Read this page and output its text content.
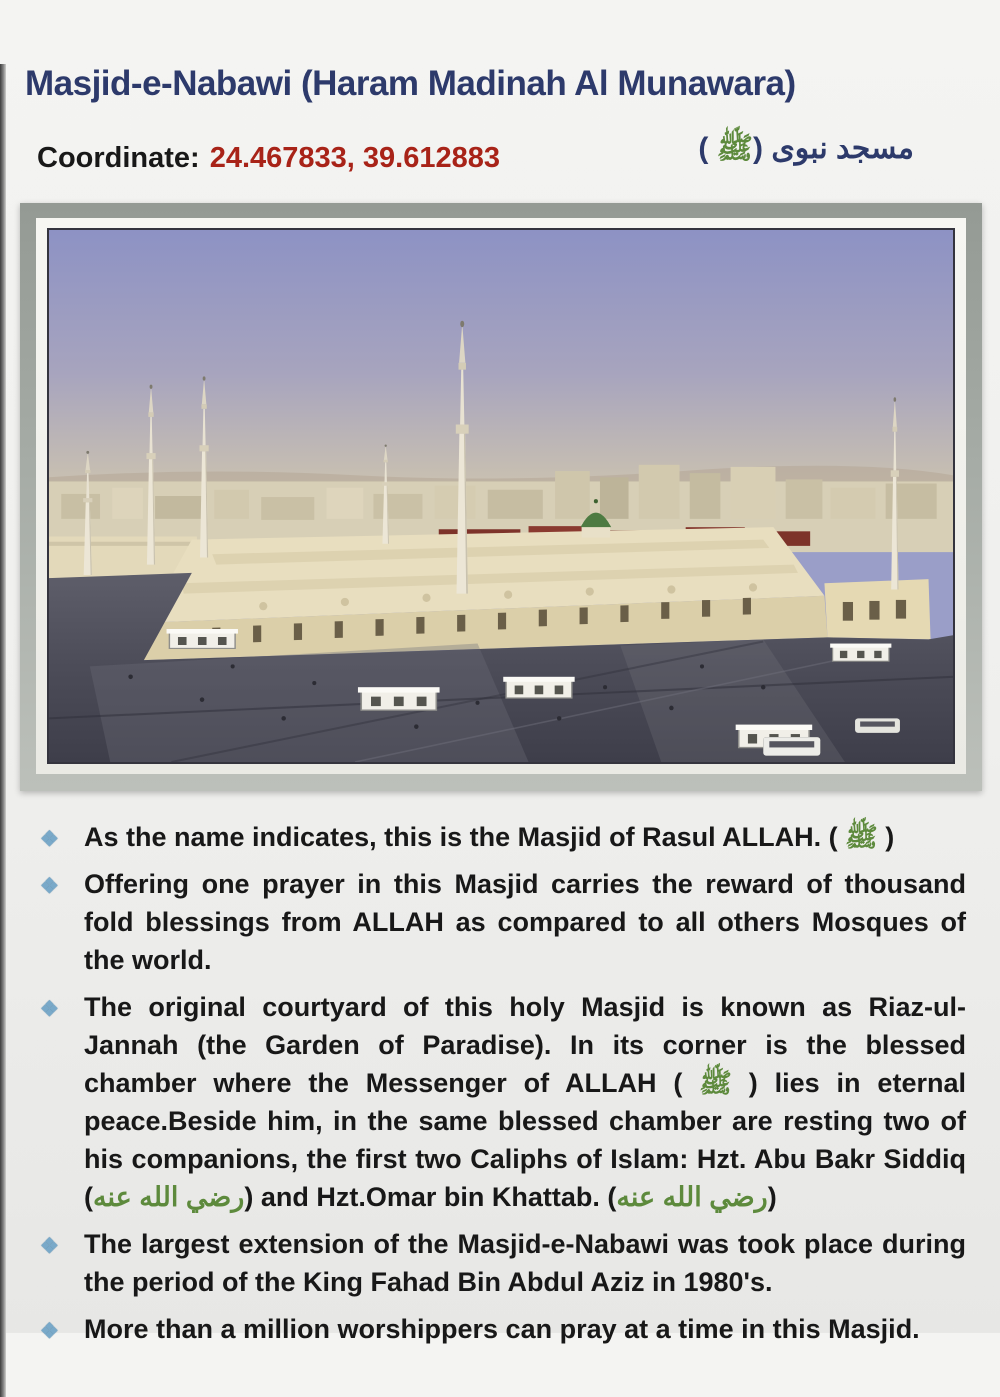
Masjid-e-Nabawi (Haram Madinah Al Munawara)
Coordinate: 24.467833, 39.612883	مسجد نبوى (ﷺ )
❖ As the name indicates, this is the Masjid of Rasul ALLAH. ( ﷺ )
❖ Offering one prayer in this Masjid carries the reward of thousand fold blessings from ALLAH as compared to all others Mosques of the world.
❖ The original courtyard of this holy Masjid is known as Riaz-ul-Jannah (the Garden of Paradise). In its corner is the blessed chamber where the Messenger of ALLAH ( ﷺ ) lies in eternal peace.Beside him, in the same blessed chamber are resting two of his companions, the first two Caliphs of Islam: Hzt. Abu Bakr Siddiq (رضي الله عنه) and Hzt.Omar bin Khattab. (رضي الله عنه)
❖ The largest extension of the Masjid-e-Nabawi was took place during the period of the King Fahad Bin Abdul Aziz in 1980's.
❖ More than a million worshippers can pray at a time in this Masjid.
